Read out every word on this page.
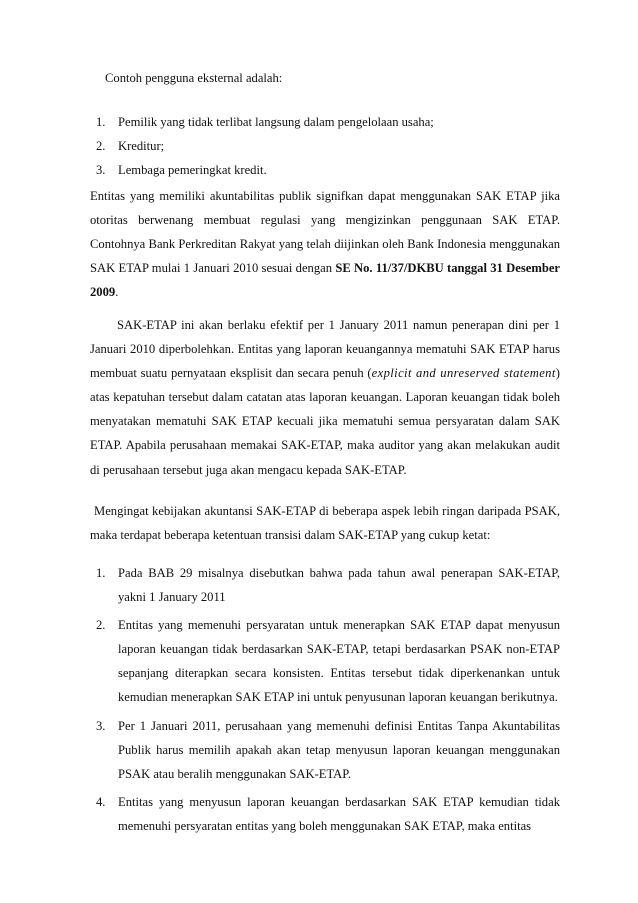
Contoh pengguna eksternal adalah:
1. Pemilik yang tidak terlibat langsung dalam pengelolaan usaha;
2. Kreditur;
3. Lembaga pemeringkat kredit.
Entitas yang memiliki akuntabilitas publik signifkan dapat menggunakan SAK ETAP jika otoritas berwenang membuat regulasi yang mengizinkan penggunaan SAK ETAP. Contohnya Bank Perkreditan Rakyat yang telah diijinkan oleh Bank Indonesia menggunakan SAK ETAP mulai 1 Januari 2010 sesuai dengan SE No. 11/37/DKBU tanggal 31 Desember 2009.
SAK-ETAP ini akan berlaku efektif per 1 January 2011 namun penerapan dini per 1 Januari 2010 diperbolehkan. Entitas yang laporan keuangannya mematuhi SAK ETAP harus membuat suatu pernyataan eksplisit dan secara penuh (explicit and unreserved statement) atas kepatuhan tersebut dalam catatan atas laporan keuangan. Laporan keuangan tidak boleh menyatakan mematuhi SAK ETAP kecuali jika mematuhi semua persyaratan dalam SAK ETAP. Apabila perusahaan memakai SAK-ETAP, maka auditor yang akan melakukan audit di perusahaan tersebut juga akan mengacu kepada SAK-ETAP.
Mengingat kebijakan akuntansi SAK-ETAP di beberapa aspek lebih ringan daripada PSAK, maka terdapat beberapa ketentuan transisi dalam SAK-ETAP yang cukup ketat:
1. Pada BAB 29 misalnya disebutkan bahwa pada tahun awal penerapan SAK-ETAP, yakni 1 January 2011
2. Entitas yang memenuhi persyaratan untuk menerapkan SAK ETAP dapat menyusun laporan keuangan tidak berdasarkan SAK-ETAP, tetapi berdasarkan PSAK non-ETAP sepanjang diterapkan secara konsisten. Entitas tersebut tidak diperkenankan untuk kemudian menerapkan SAK ETAP ini untuk penyusunan laporan keuangan berikutnya.
3. Per 1 Januari 2011, perusahaan yang memenuhi definisi Entitas Tanpa Akuntabilitas Publik harus memilih apakah akan tetap menyusun laporan keuangan menggunakan PSAK atau beralih menggunakan SAK-ETAP.
4. Entitas yang menyusun laporan keuangan berdasarkan SAK ETAP kemudian tidak memenuhi persyaratan entitas yang boleh menggunakan SAK ETAP, maka entitas
